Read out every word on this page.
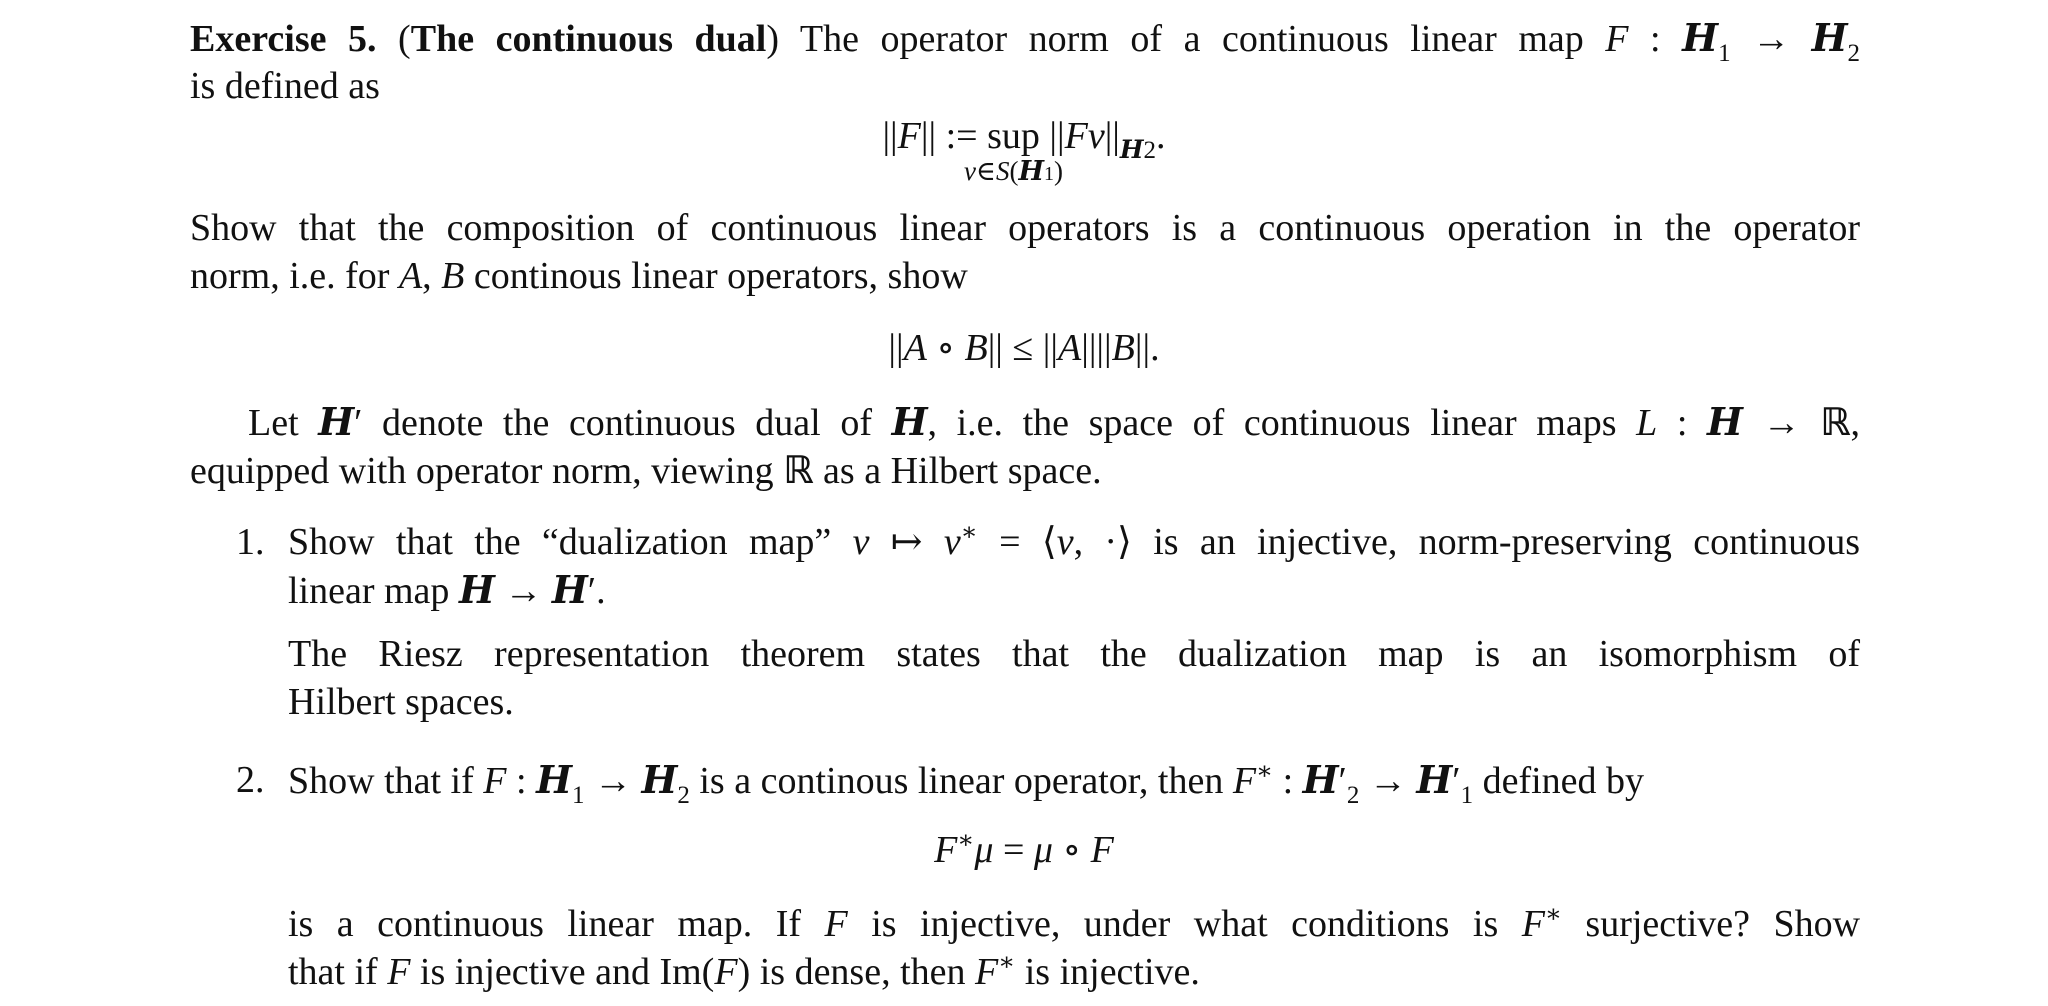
Exercise 5. (The continuous dual) The operator norm of a continuous linear map F : $H_1 \to H_2$
is defined as
||F|| := sup
v∈S(H1)
$||Fv||_{H2}$.
Show that the composition of continuous linear operators is a continuous operation in the operator
norm, i.e. for A, B continous linear operators, show
||A ∘ B|| ≤ ||A||||B||.
Let H′ denote the continuous dual of H, i.e. the space of continuous linear maps L : H → ℝ,
equipped with operator norm, viewing ℝ as a Hilbert space.
1. Show that the “dualization map” v ↦ v∗ = ⟨v, ·⟩ is an injective, norm-preserving continuous
linear map H → H′.
The Riesz representation theorem states that the dualization map is an isomorphism of
Hilbert spaces.
2. Show that if F : $H_1 \to H_2$ is a continous linear operator, then F∗ : $H'_2 \to H'_1$ defined by
F∗μ = μ ∘ F
is a continuous linear map. If F is injective, under what conditions is F∗ surjective? Show
that if F is injective and Im(F) is dense, then F∗ is injective.
